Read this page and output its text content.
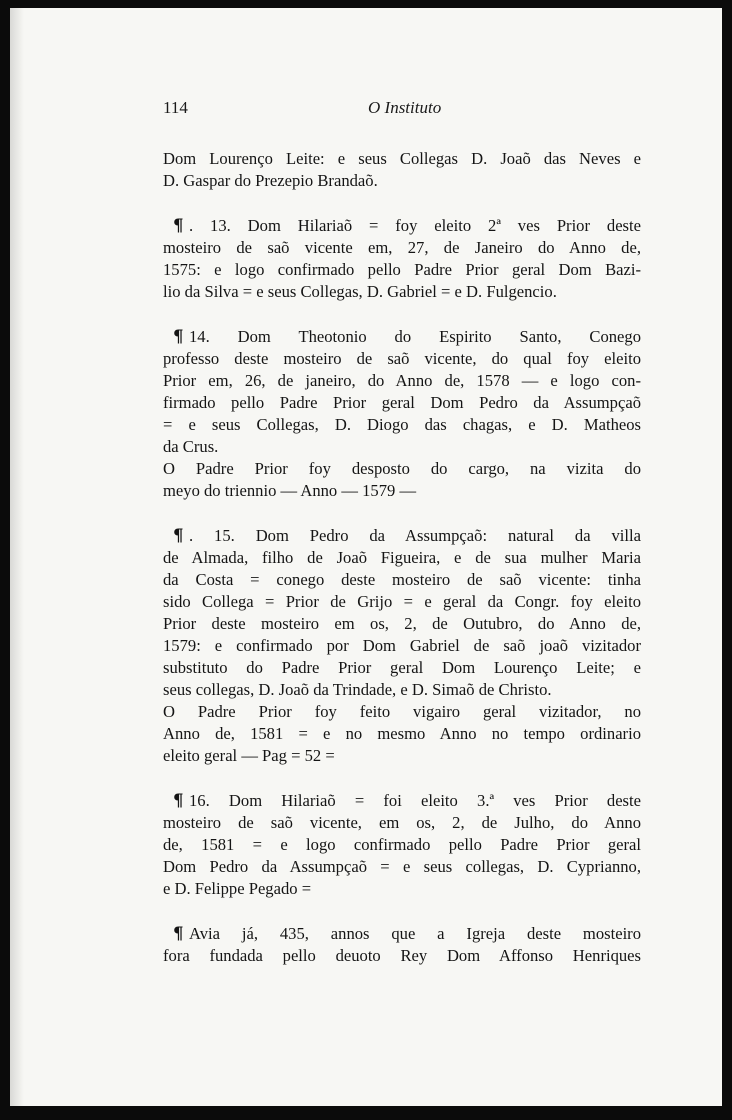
114	O Instituto
Dom Lourenço Leite: e seus Collegas D. Joaõ das Neves e
D. Gaspar do Prezepio Brandaõ.
¶ . 13. Dom Hilariaõ = foy eleito 2ª ves Prior deste
mosteiro de saõ vicente em, 27, de Janeiro do Anno de,
1575: e logo confirmado pello Padre Prior geral Dom Bazi-
lio da Silva = e seus Collegas, D. Gabriel = e D. Fulgencio.
¶ 14. Dom Theotonio do Espirito Santo, Conego
professo deste mosteiro de saõ vicente, do qual foy eleito
Prior em, 26, de janeiro, do Anno de, 1578 — e logo con-
firmado pello Padre Prior geral Dom Pedro da Assumpçaõ
= e seus Collegas, D. Diogo das chagas, e D. Matheos
da Crus.
O Padre Prior foy desposto do cargo, na vizita do
meyo do triennio — Anno — 1579 —
¶ . 15. Dom Pedro da Assumpçaõ: natural da villa
de Almada, filho de Joaõ Figueira, e de sua mulher Maria
da Costa = conego deste mosteiro de saõ vicente: tinha
sido Collega = Prior de Grijo = e geral da Congr. foy eleito
Prior deste mosteiro em os, 2, de Outubro, do Anno de,
1579: e confirmado por Dom Gabriel de saõ joaõ vizitador
substituto do Padre Prior geral Dom Lourenço Leite; e
seus collegas, D. Joaõ da Trindade, e D. Simaõ de Christo.
O Padre Prior foy feito vigairo geral vizitador, no
Anno de, 1581 = e no mesmo Anno no tempo ordinario
eleito geral — Pag = 52 =
¶ 16. Dom Hilariaõ = foi eleito 3.ª ves Prior deste
mosteiro de saõ vicente, em os, 2, de Julho, do Anno
de, 1581 = e logo confirmado pello Padre Prior geral
Dom Pedro da Assumpçaõ = e seus collegas, D. Cyprianno,
e D. Felippe Pegado =
¶ Avia já, 435, annos que a Igreja deste mosteiro
fora fundada pello deuoto Rey Dom Affonso Henriques
